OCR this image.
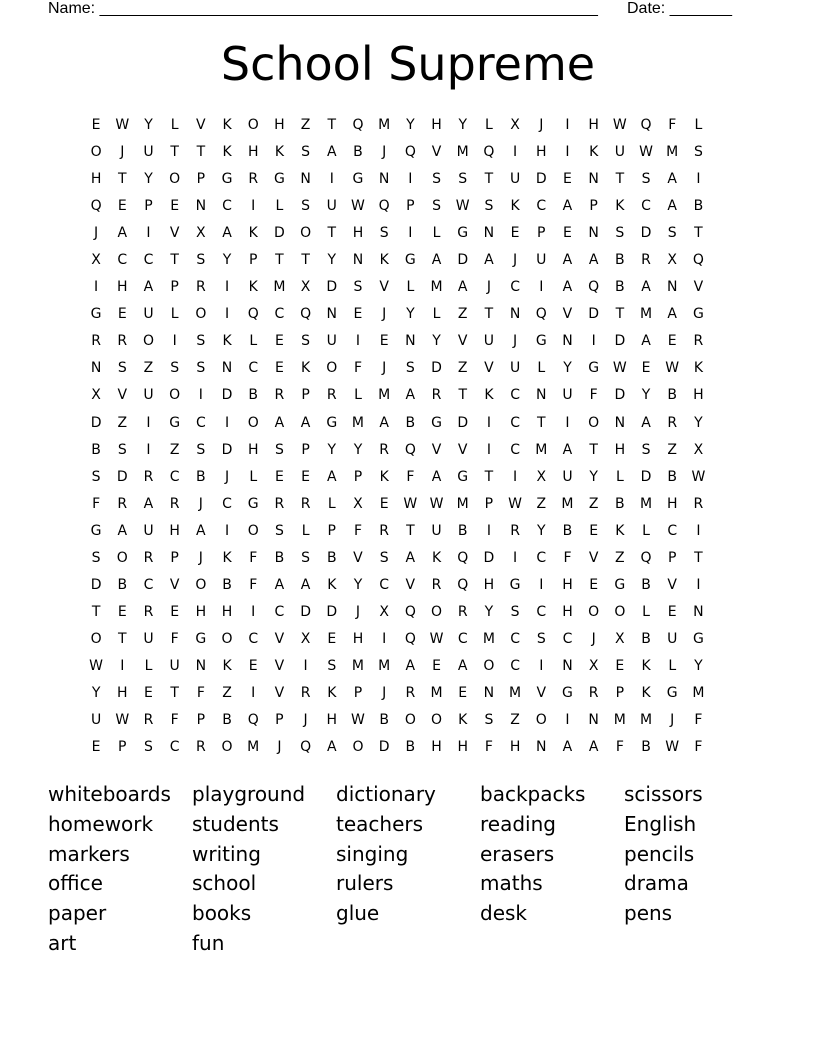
Name: ________________________________________________________ Date: _______
School Supreme
E	W	Y	L	V	K	O	H	Z	T	Q	M	Y	H	Y	L	X	J	I	H	W Q	F	L
O	J	U	T	T	K	H	K	S	A	B	J	Q	V	M	Q	I	H	I	K	U	W M	S
H	T	Y	O	P	G	R	G	N	I	G	N	I	S	S	T	U	D	E	N	T	S	A	I
Q	E	P	E	N	C	I	L	S	U	W Q	P	S	W	S	K	C	A	P	K	C	A	B
J	A	I	V	X	A	K	D	O	T	H	S	I	L	G	N	E	P	E	N	S	D	S	T
X	C	C	T	S	Y	P	T	T	Y	N	K	G	A	D	A	J	U	A	A	B	R	X	Q
I	H	A	P	R	I	K	M	X	D	S	V	L	M	A	J	C	I	A	Q	B	A	N	V
G	E	U	L	O	I	Q	C	Q	N	E	J	Y	L	Z	T	N	Q	V	D	T	M	A	G
R	R	O	I	S	K	L	E	S	U	I	E	N	Y	V	U	J	G	N	I	D	A	E	R
N	S	Z	S	S	N	C	E	K	O	F	J	S	D	Z	V	U	L	Y	G W	E	W	K
X	V	U	O	I	D	B	R	P	R	L	M	A	R	T	K	C	N	U	F	D	Y	B	H
D	Z	I	G	C	I	O	A	A	G	M	A	B	G	D	I	C	T	I	O	N	A	R	Y
B	S	I	Z	S	D	H	S	P	Y	Y	R	Q	V	V	I	C	M	A	T	H	S	Z	X
S	D	R	C	B	J	L	E	E	A	P	K	F	A	G	T	I	X	U	Y	L	D	B	W
F	R	A	R	J	C	G	R	R	L	X	E	W W M	P	W	Z	M	Z	B	M	H	R
G	A	U	H	A	I	O	S	L	P	F	R	T	U	B	I	R	Y	B	E	K	L	C	I
S	O	R	P	J	K	F	B	S	B	V	S	A	K	Q	D	I	C	F	V	Z	Q	P	T
D	B	C	V	O	B	F	A	A	K	Y	C	V	R	Q	H	G	I	H	E	G	B	V	I
T	E	R	E	H	H	I	C	D	D	J	X	Q	O	R	Y	S	C	H	O	O	L	E	N
O	T	U	F	G	O	C	V	X	E	H	I	Q W	C	M	C	S	C	J	X	B	U	G
W	I	L	U	N	K	E	V	I	S	M	M	A	E	A	O	C	I	N	X	E	K	L	Y
Y	H	E	T	F	Z	I	V	R	K	P	J	R	M	E	N	M	V	G	R	P	K	G	M
U	W	R	F	P	B	Q	P	J	H	W	B	O	O	K	S	Z	O	I	N	M	M	J	F
E	P	S	C	R	O	M	J	Q	A	O	D	B	H	H	F	H	N	A	A	F	B	W	F
whiteboards	playground	dictionary	backpacks	scissors
homework	students	teachers	reading	English
markers	writing	singing	erasers	pencils
office	school	rulers	maths	drama
paper	books	glue	desk	pens
art	fun
